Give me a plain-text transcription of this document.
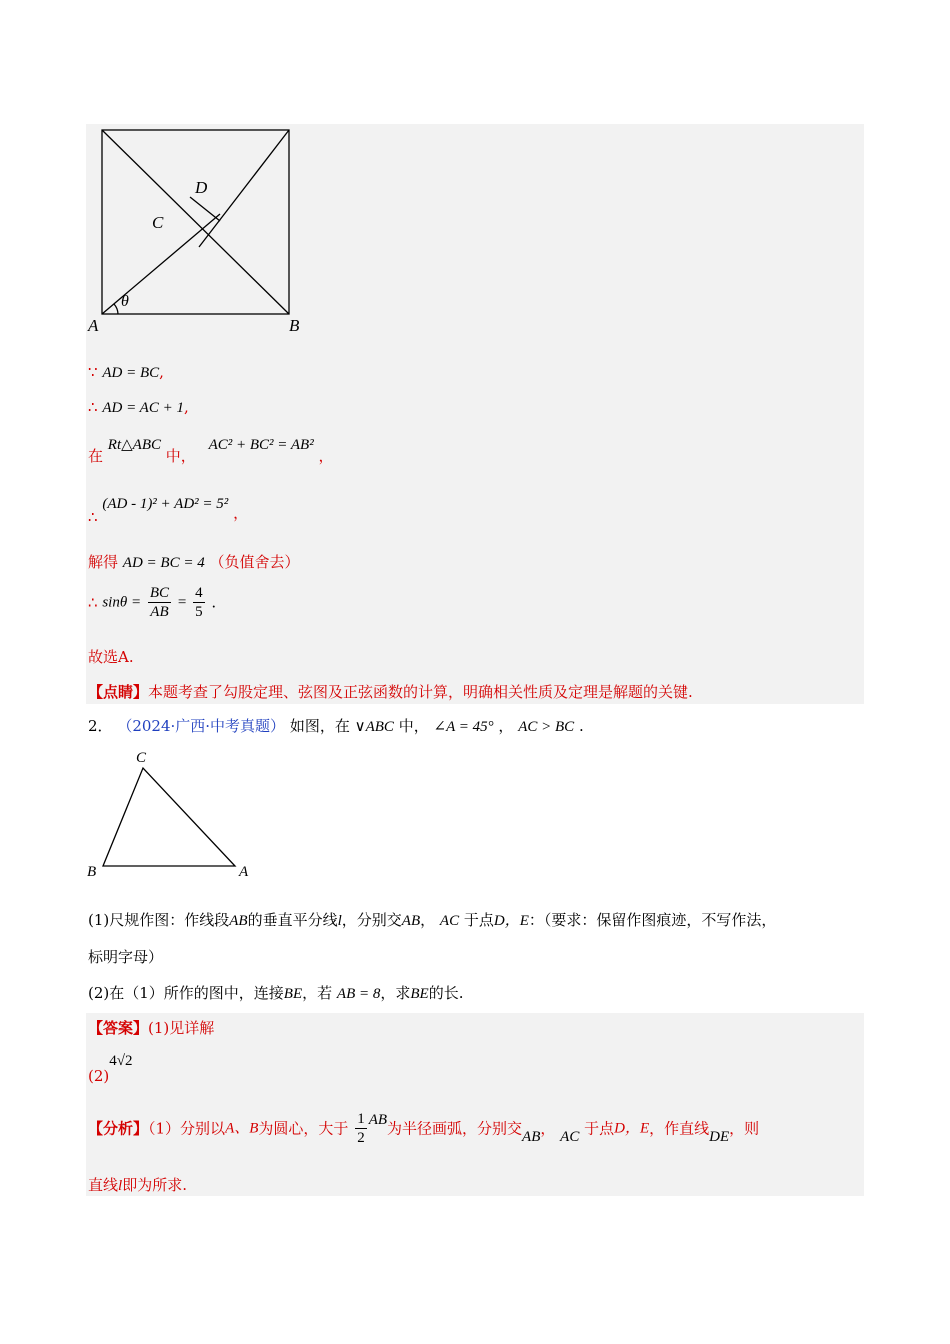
A	B
C
D
θ
∵ AD = BC,
∴ AD = AC + 1,
在 Rt△ABC 中， AC² + BC² = AB² ，
∴ (AD - 1)² + AD² = 5² ，
解得 AD = BC = 4 （负值舍去）
∴ $\sin\theta = \frac{BC}{AB} = \frac{4}{5}$ .
故选A.
【点睛】本题考查了勾股定理、弦图及正弦函数的计算，明确相关性质及定理是解题的关键.
2． （2024·广西·中考真题） 如图，在 ∨ABC 中， ∠A = 45° ， AC > BC .
C
B	A
(1)尺规作图：作线段AB的垂直平分线l，分别交AB， AC 于点D，E：（要求：保留作图痕迹，不写作法，
标明字母）
(2)在（1）所作的图中，连接BE，若 AB = 8，求BE的长.
【答案】(1)见详解
(2)4√2
【分析】（1）分别以A、B为圆心，大于 $\frac{1}{2}$ AB为半径画弧，分别交AB， AC 于点D，E，作直线DE，则
直线l即为所求.
